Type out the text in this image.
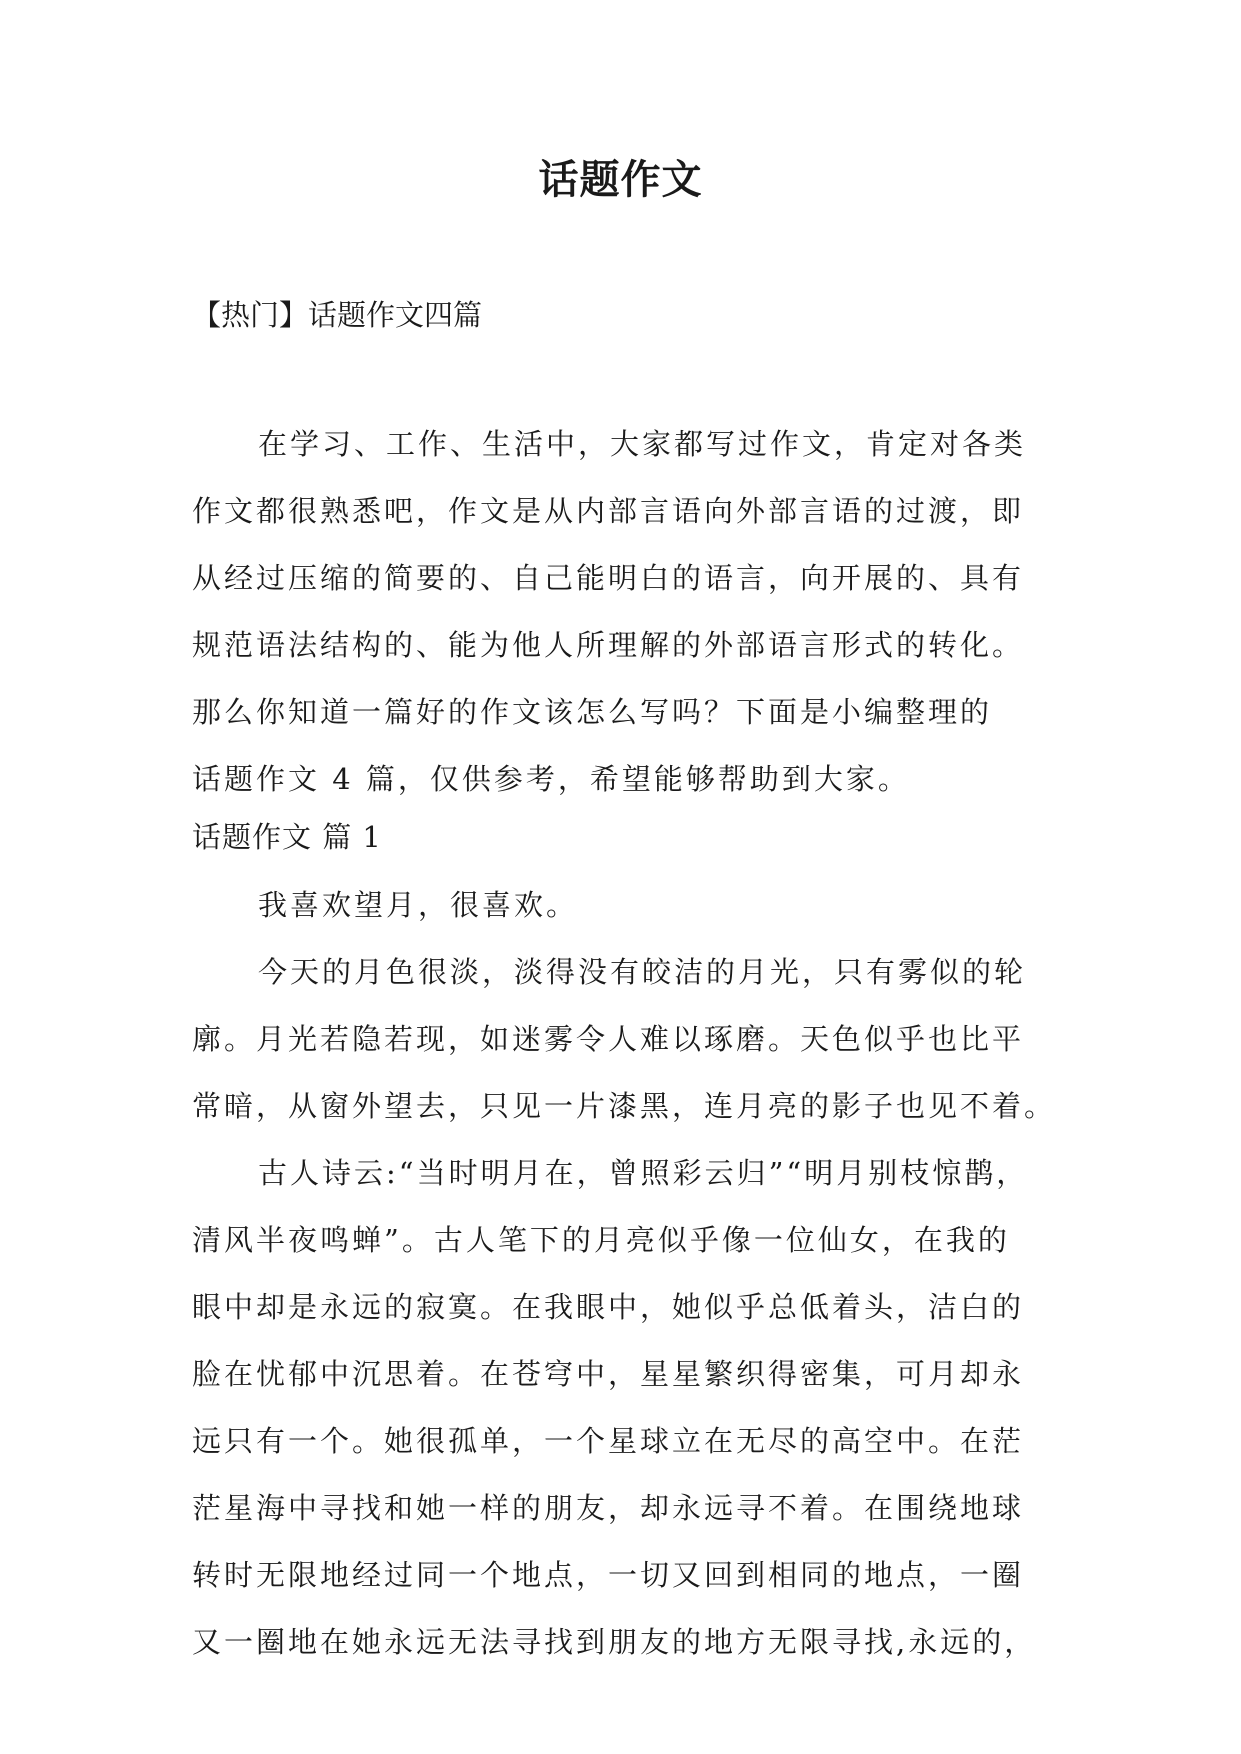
话题作文
【热门】话题作文四篇
在学习、工作、生活中，大家都写过作文，肯定对各类
作文都很熟悉吧，作文是从内部言语向外部言语的过渡，即
从经过压缩的简要的、自己能明白的语言，向开展的、具有
规范语法结构的、能为他人所理解的外部语言形式的转化。
那么你知道一篇好的作文该怎么写吗？下面是小编整理的
话题作文 4 篇，仅供参考，希望能够帮助到大家。
话题作文 篇 1
我喜欢望月，很喜欢。
今天的月色很淡，淡得没有皎洁的月光，只有雾似的轮
廓。月光若隐若现，如迷雾令人难以琢磨。天色似乎也比平
常暗，从窗外望去，只见一片漆黑，连月亮的影子也见不着。
古人诗云:“当时明月在，曾照彩云归”“明月别枝惊鹊，
清风半夜鸣蝉”。古人笔下的月亮似乎像一位仙女，在我的
眼中却是永远的寂寞。在我眼中，她似乎总低着头，洁白的
脸在忧郁中沉思着。在苍穹中，星星繁织得密集，可月却永
远只有一个。她很孤单，一个星球立在无尽的高空中。在茫
茫星海中寻找和她一样的朋友，却永远寻不着。在围绕地球
转时无限地经过同一个地点，一切又回到相同的地点，一圈
又一圈地在她永远无法寻找到朋友的地方无限寻找,永远的，
